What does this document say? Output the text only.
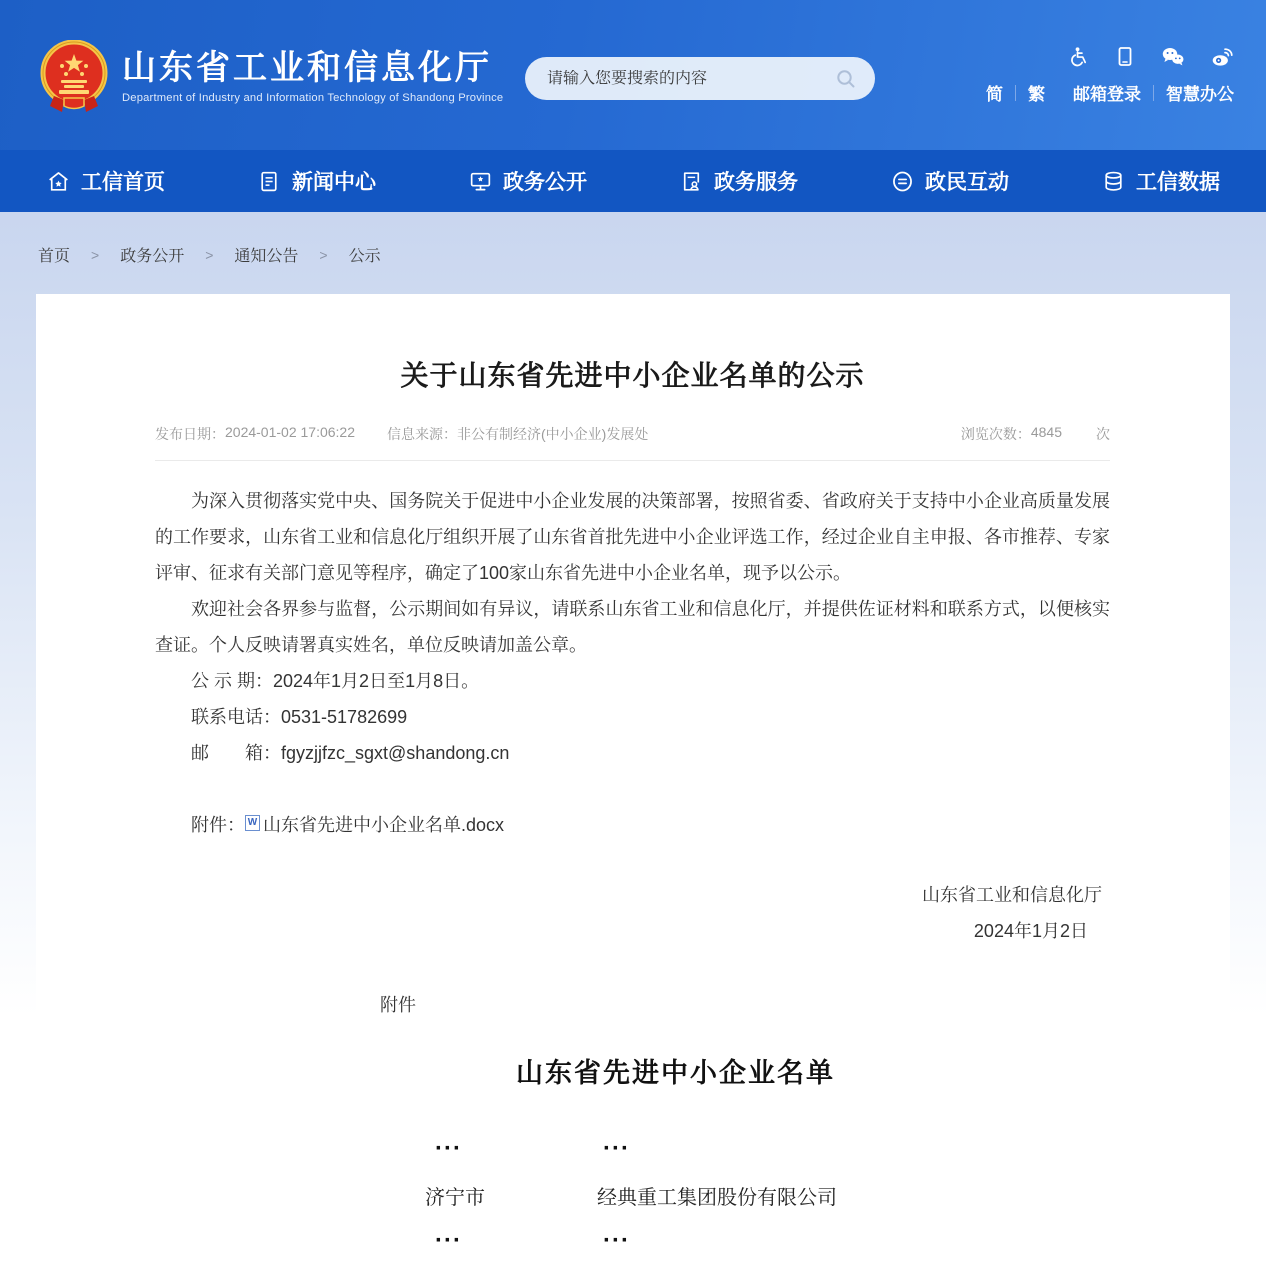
山东省工业和信息化厅
Department of Industry and Information Technology of Shandong Province
请输入您要搜索的内容	简 繁 邮箱登录 智慧办公
工信首页	新闻中心	政务公开	政务服务	政民互动	工信数据
首页 > 政务公开 > 通知公告 > 公示
关于山东省先进中小企业名单的公示
发布日期： 2024-01-02 17:06:22 信息来源： 非公有制经济(中小企业)发展处	浏览次数： 4845 次

为深入贯彻落实党中央、国务院关于促进中小企业发展的决策部署，按照省委、省政府关于支持中小企业高质量发展的工作要求，山东省工业和信息化厅组织开展了山东省首批先进中小企业评选工作，经过企业自主申报、各市推荐、专家评审、征求有关部门意见等程序，确定了100家山东省先进中小企业名单，现予以公示。

欢迎社会各界参与监督，公示期间如有异议，请联系山东省工业和信息化厅，并提供佐证材料和联系方式，以便核实查证。个人反映请署真实姓名，单位反映请加盖公章。

公 示 期：2024年1月2日至1月8日。

联系电话：0531-51782699

邮　　箱：fgyzjjfzc_sgxt@shandong.cn

附件： W 山东省先进中小企业名单.docx

山东省工业和信息化厅
2024年1月2日
附件
山东省先进中小企业名单
···	···
济宁市	经典重工集团股份有限公司
···	···
